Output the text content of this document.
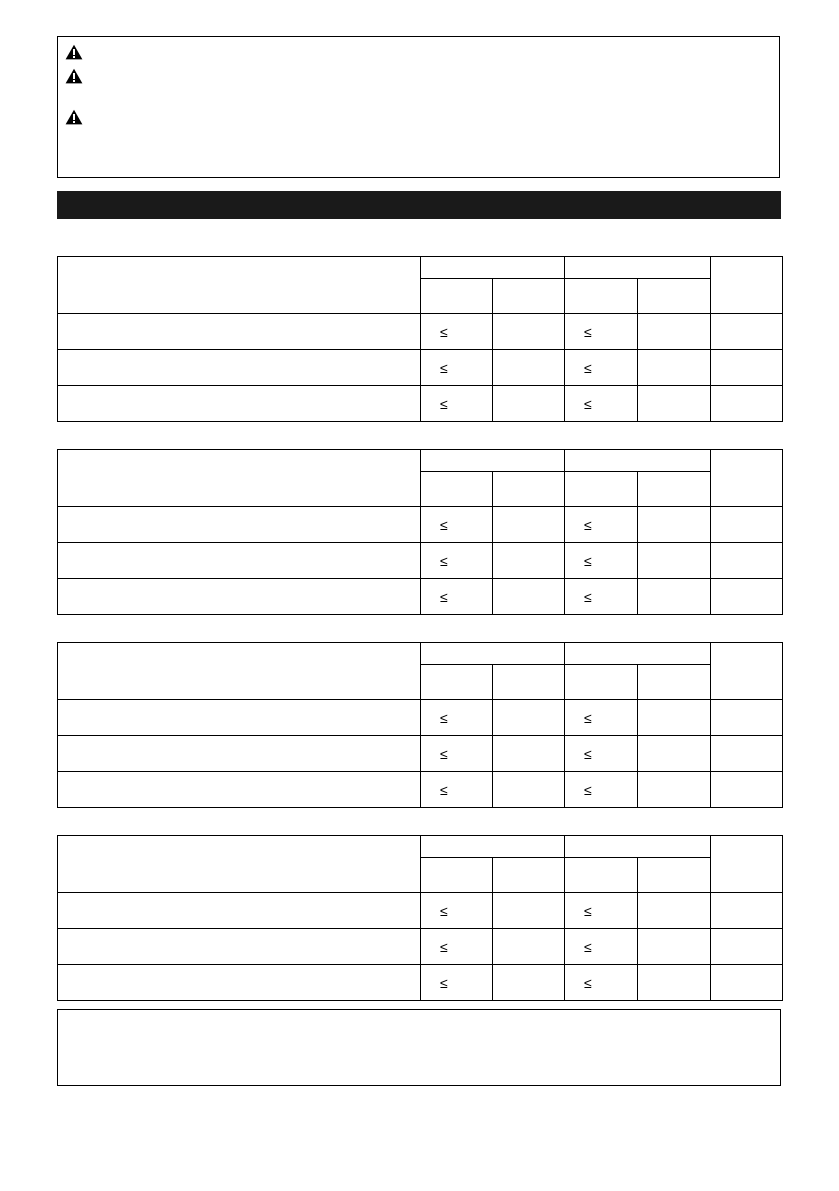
	≤		≤		
	≤		≤		
	≤		≤		

	≤		≤		
	≤		≤		
	≤		≤		

	≤		≤		
	≤		≤		
	≤		≤		

	≤		≤		
	≤		≤		
	≤		≤		
